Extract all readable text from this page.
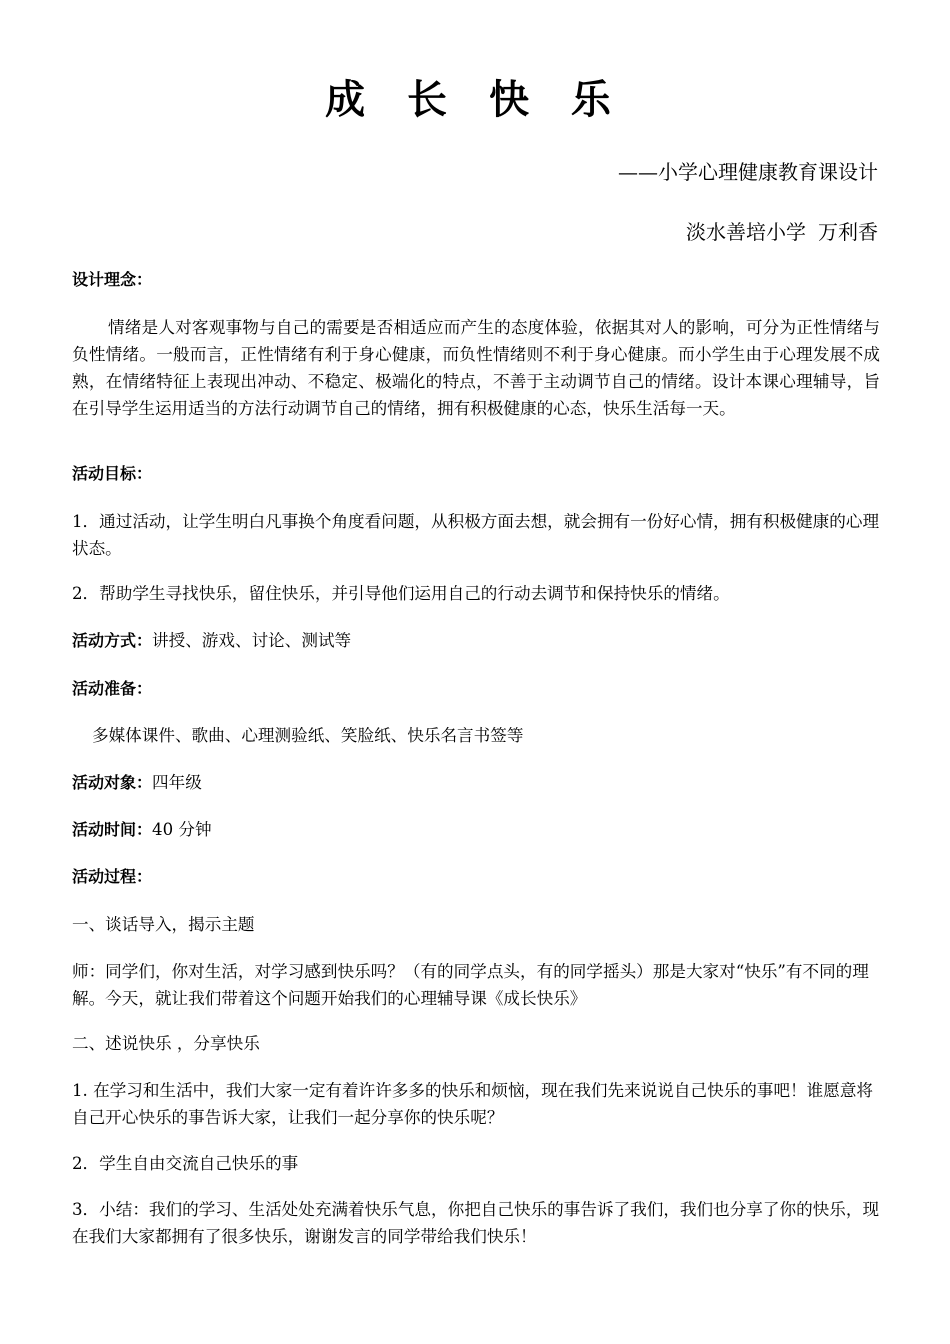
成 长 快 乐
——小学心理健康教育课设计
淡水善培小学 万利香
设计理念：
情绪是人对客观事物与自己的需要是否相适应而产生的态度体验，依据其对人的影响，可分为正性情绪与负性情绪。一般而言，正性情绪有利于身心健康，而负性情绪则不利于身心健康。而小学生由于心理发展不成熟，在情绪特征上表现出冲动、不稳定、极端化的特点，不善于主动调节自己的情绪。设计本课心理辅导，旨在引导学生运用适当的方法行动调节自己的情绪，拥有积极健康的心态，快乐生活每一天。
活动目标：
1．通过活动，让学生明白凡事换个角度看问题，从积极方面去想，就会拥有一份好心情，拥有积极健康的心理状态。
2．帮助学生寻找快乐，留住快乐，并引导他们运用自己的行动去调节和保持快乐的情绪。
活动方式：讲授、游戏、讨论、测试等
活动准备：
多媒体课件、歌曲、心理测验纸、笑脸纸、快乐名言书签等
活动对象：四年级
活动时间：40 分钟
活动过程：
一、谈话导入，揭示主题
师：同学们，你对生活，对学习感到快乐吗？（有的同学点头，有的同学摇头）那是大家对“快乐”有不同的理解。今天，就让我们带着这个问题开始我们的心理辅导课《成长快乐》
二、述说快乐 ，分享快乐
1. 在学习和生活中，我们大家一定有着许许多多的快乐和烦恼，现在我们先来说说自己快乐的事吧！谁愿意将自己开心快乐的事告诉大家，让我们一起分享你的快乐呢？
2．学生自由交流自己快乐的事
3．小结：我们的学习、生活处处充满着快乐气息，你把自己快乐的事告诉了我们，我们也分享了你的快乐，现在我们大家都拥有了很多快乐，谢谢发言的同学带给我们快乐！
